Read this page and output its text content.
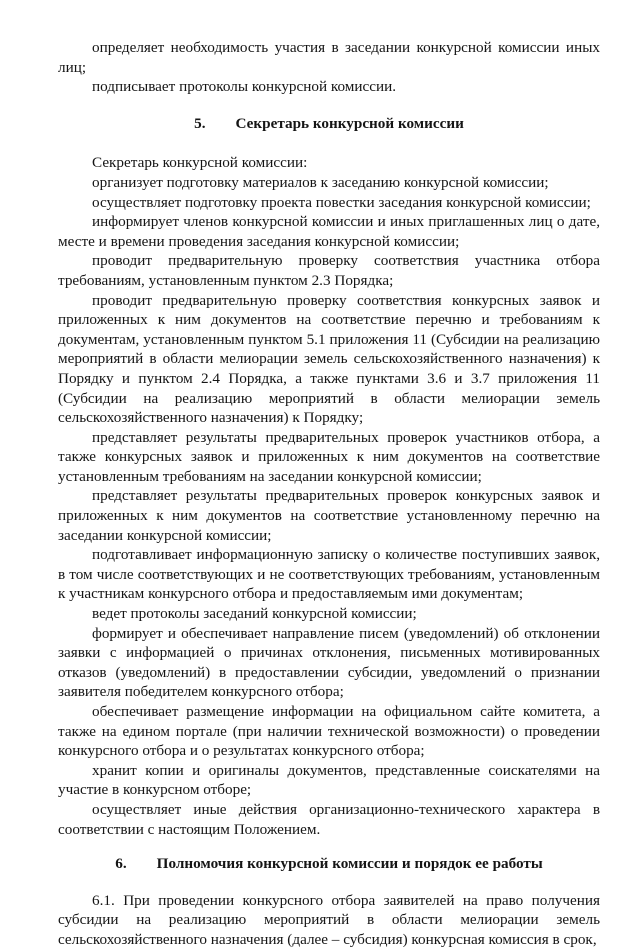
определяет необходимость участия в заседании конкурсной комиссии иных лиц;

подписывает протоколы конкурсной комиссии.

5. Секретарь конкурсной комиссии

Секретарь конкурсной комиссии:

организует подготовку материалов к заседанию конкурсной комиссии;

осуществляет подготовку проекта повестки заседания конкурсной комиссии;

информирует членов конкурсной комиссии и иных приглашенных лиц о дате, месте и времени проведения заседания конкурсной комиссии;

проводит предварительную проверку соответствия участника отбора требованиям, установленным пунктом 2.3 Порядка;

проводит предварительную проверку соответствия конкурсных заявок и приложенных к ним документов на соответствие перечню и требованиям к документам, установленным пунктом 5.1 приложения 11 (Субсидии на реализацию мероприятий в области мелиорации земель сельскохозяйственного назначения) к Порядку и пунктом 2.4 Порядка, а также пунктами 3.6 и 3.7 приложения 11 (Субсидии на реализацию мероприятий в области мелиорации земель сельскохозяйственного назначения) к Порядку;

представляет результаты предварительных проверок участников отбора, а также конкурсных заявок и приложенных к ним документов на соответствие установленным требованиям на заседании конкурсной комиссии;

представляет результаты предварительных проверок конкурсных заявок и приложенных к ним документов на соответствие установленному перечню на заседании конкурсной комиссии;

подготавливает информационную записку о количестве поступивших заявок, в том числе соответствующих и не соответствующих требованиям, установленным к участникам конкурсного отбора и предоставляемым ими документам;

ведет протоколы заседаний конкурсной комиссии;

формирует и обеспечивает направление писем (уведомлений) об отклонении заявки с информацией о причинах отклонения, письменных мотивированных отказов (уведомлений) в предоставлении субсидии, уведомлений о признании заявителя победителем конкурсного отбора;

обеспечивает размещение информации на официальном сайте комитета, а также на едином портале (при наличии технической возможности) о проведении конкурсного отбора и о результатах конкурсного отбора;

хранит копии и оригиналы документов, представленные соискателями на участие в конкурсном отборе;

осуществляет иные действия организационно-технического характера в соответствии с настоящим Положением.

6. Полномочия конкурсной комиссии и порядок ее работы

6.1. При проведении конкурсного отбора заявителей на право получения субсидии на реализацию мероприятий в области мелиорации земель сельскохозяйственного назначения (далее – субсидия) конкурсная комиссия в срок,
